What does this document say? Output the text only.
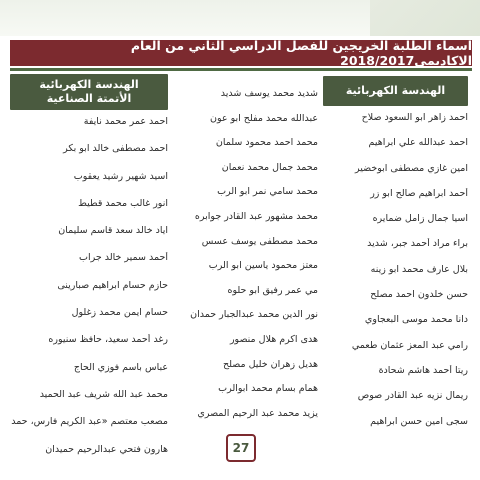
اسماء الطلبة الخريجين للفصل الدراسي الثاني من العام الاكاديمي2018/2017
الهندسة الكهربائية
احمد زاهر ابو السعود صلاح
احمد عبدالله علي ابراهيم
امين غازي مصطفى ابوخضير
أحمد ابراهيم صالح ابو زر
آسيا جمال زامل ضمايره
براء مراد أحمد جبر، شديد
بلال عارف محمد ابو زينه
حسن خلدون احمد مصلح
دانا محمد موسى البعجاوي
رامي عبد المعز عثمان طعمي
ريتا أحمد هاشم شحادة
ريمال نزيه عبد القادر صوص
سجى امين حسن ابراهيم
شديد محمد يوسف شديد
عبدالله محمد مفلح ابو عون
محمد احمد محمود سلمان
محمد جمال محمد نعمان
محمد سامي نمر ابو الرب
محمد مشهور عبد القادر جوابره
محمد مصطفى يوسف عسس
معتز محمود ياسين ابو الرب
مي عمر رفيق ابو حلوه
نور الدين محمد عبدالجبار حمدان
هدى اكرم هلال منصور
هديل زهران خليل مصلح
همام بسام محمد ابوالرب
يزيد محمد عبد الرحيم المصري
الهندسة الكهربائية
الأتمتة الصناعية
احمد عمر محمد نايفة
احمد مصطفى خالد ابو بكر
اسيد شهير رشيد يعقوب
انور غالب محمد قطيط
اياد خالد سعد قاسم سليمان
أحمد سمير خالد جراب
حازم حسام ابراهيم صبارينى
حسام ايمن محمد زغلول
رغد أحمد سعيد، حافظ سنيوره
عباس باسم فوزي الحاج
محمد عبد الله شريف عبد الحميد
مصعب معتصم «عبد الكريم فارس، حمد
هارون فتحي عبدالرحيم حميدان	27
